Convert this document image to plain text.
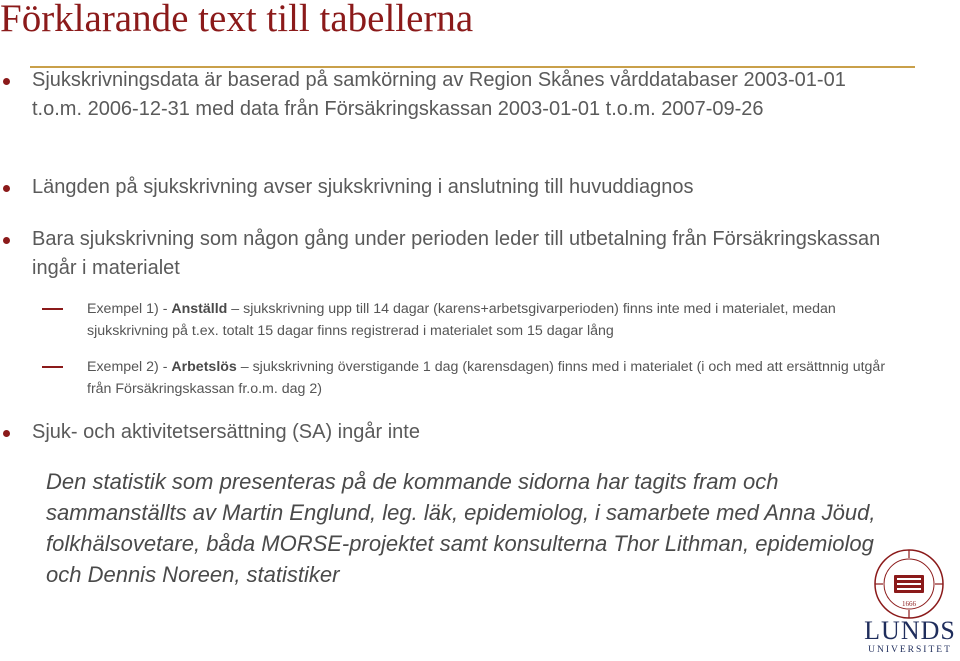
Förklarande text till tabellerna
Sjukskrivningsdata är baserad på samkörning av Region Skånes vårddatabaser 2003-01-01 t.o.m. 2006-12-31 med data från Försäkringskassan 2003-01-01 t.o.m. 2007-09-26
Längden på sjukskrivning avser sjukskrivning i anslutning till huvuddiagnos
Bara sjukskrivning som någon gång under perioden leder till utbetalning från Försäkringskassan ingår i materialet
Exempel 1) - Anställd – sjukskrivning upp till 14 dagar (karens+arbetsgivarperioden) finns inte med i materialet, medan sjukskrivning på t.ex. totalt 15 dagar finns registrerad i materialet som 15 dagar lång
Exempel 2) - Arbetslös – sjukskrivning överstigande 1 dag (karensdagen) finns med i materialet (i och med att ersättnnig utgår från Försäkringskassan fr.o.m. dag 2)
Sjuk- och aktivitetsersättning (SA) ingår inte
Den statistik som presenteras på de kommande sidorna har tagits fram och sammanställts av Martin Englund, leg. läk, epidemiolog, i samarbete med Anna Jöud, folkhälsovetare, båda MORSE-projektet samt konsulterna Thor Lithman, epidemiolog och Dennis Noreen, statistiker
1666
LUNDS
UNIVERSITET
